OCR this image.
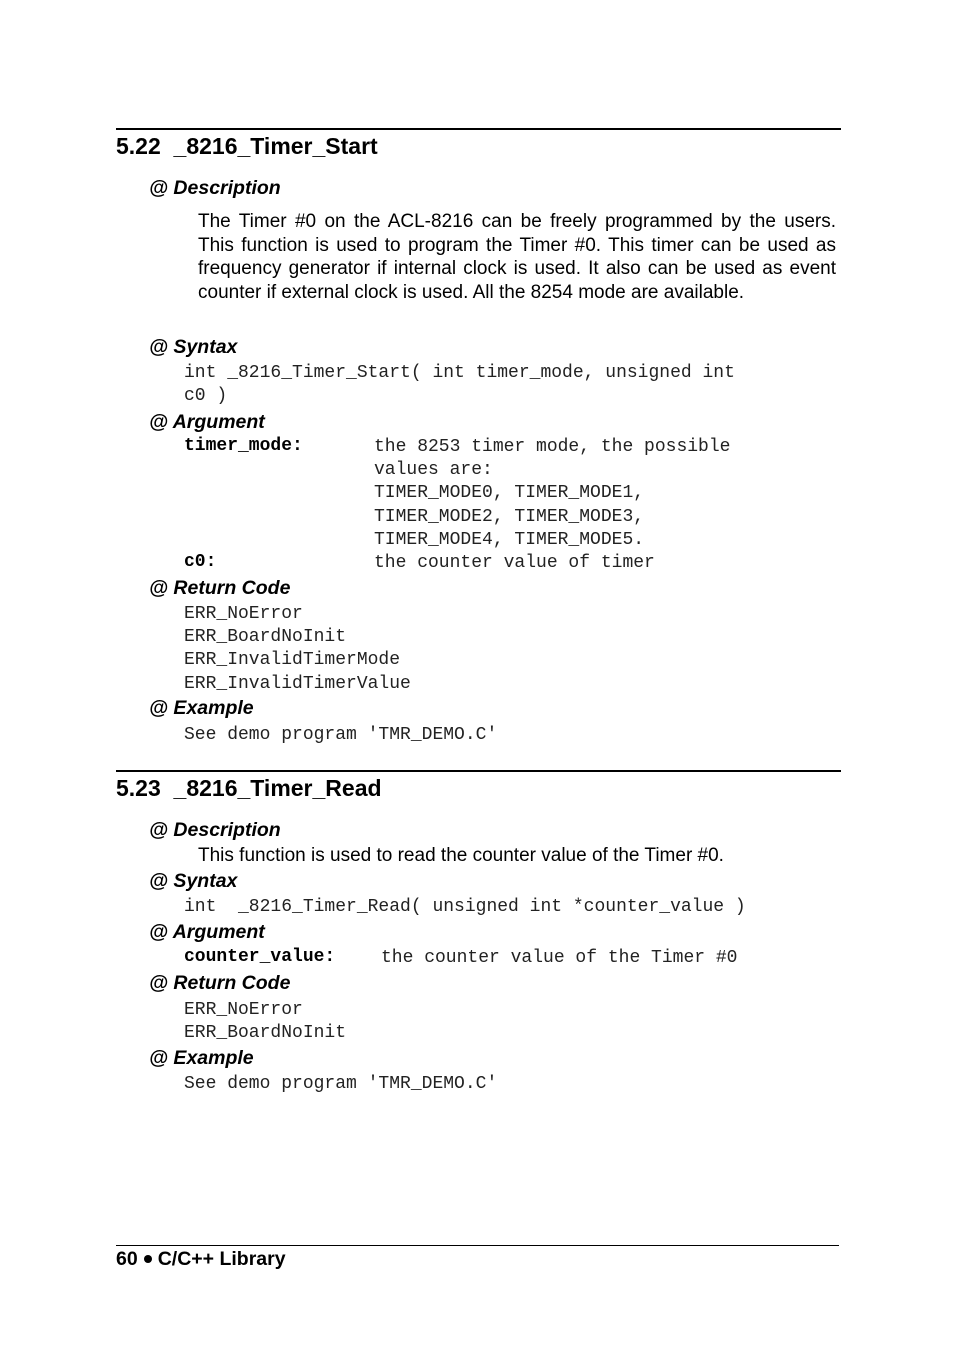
5.22  _8216_Timer_Start
@ Description
The Timer #0 on the ACL-8216 can be freely programmed by the users. This function is used to program the Timer #0. This timer can be used as frequency generator if internal clock is used. It also can be used as event counter if external clock is used. All the 8254 mode are available.
@ Syntax
int _8216_Timer_Start( int timer_mode, unsigned int
c0 )
@ Argument
timer_mode:	the 8253 timer mode, the possible
values are:
TIMER_MODE0, TIMER_MODE1,
TIMER_MODE2, TIMER_MODE3,
TIMER_MODE4, TIMER_MODE5.
c0:	the counter value of timer
@ Return Code
ERR_NoError
ERR_BoardNoInit
ERR_InvalidTimerMode
ERR_InvalidTimerValue
@ Example
See demo program 'TMR_DEMO.C'
5.23  _8216_Timer_Read
@ Description
This function is used to read the counter value of the Timer #0.
@ Syntax
int  _8216_Timer_Read( unsigned int *counter_value )
@ Argument
counter_value:	the counter value of the Timer #0
@ Return Code
ERR_NoError
ERR_BoardNoInit
@ Example
See demo program 'TMR_DEMO.C'
60 C/C++ Library
